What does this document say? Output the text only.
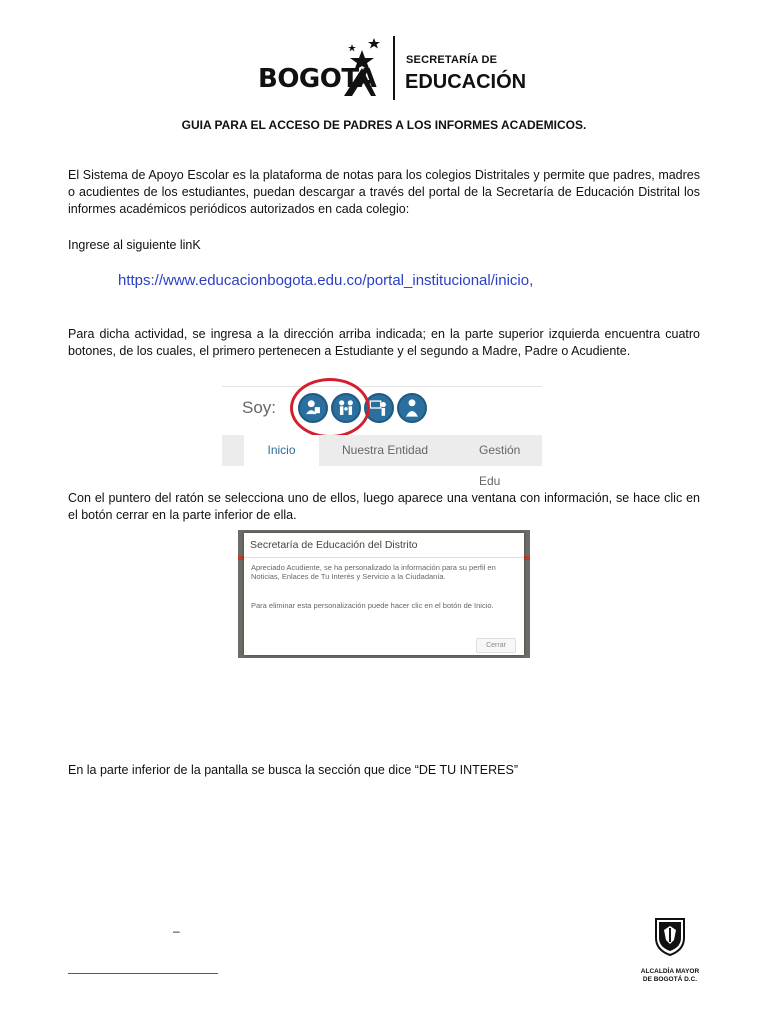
BOGOTA
SECRETARÍA DE
EDUCACIÓN
GUIA PARA EL ACCESO DE PADRES A LOS INFORMES ACADEMICOS.
El Sistema de Apoyo Escolar es la plataforma de notas para los colegios Distritales y permite que padres, madres o acudientes de los estudiantes, puedan descargar a través del portal de la Secretaría de Educación Distrital los informes académicos periódicos autorizados en cada colegio:
Ingrese al siguiente linK
https://www.educacionbogota.edu.co/portal_institucional/inicio,
Para dicha actividad, se ingresa a la dirección arriba indicada; en la parte superior izquierda encuentra cuatro botones, de los cuales, el primero pertenecen a Estudiante y el segundo a Madre, Padre o Acudiente.
Soy:
Inicio	Nuestra Entidad	Gestión Edu
Con el puntero del ratón se selecciona uno de ellos, luego aparece una ventana con información, se hace clic en el botón cerrar en la parte inferior de ella.
Secretaría de Educación del Distrito
Apreciado Acudiente, se ha personalizado la información para su perfil en Noticias, Enlaces de Tu Interés y Servicio a la Ciudadanía.
Para eliminar esta personalización puede hacer clic en el botón de Inicio.
Cerrar
En la parte inferior de la pantalla se busca la sección que dice “DE TU INTERES”
–
ALCALDÍA MAYOR
DE BOGOTÁ D.C.
